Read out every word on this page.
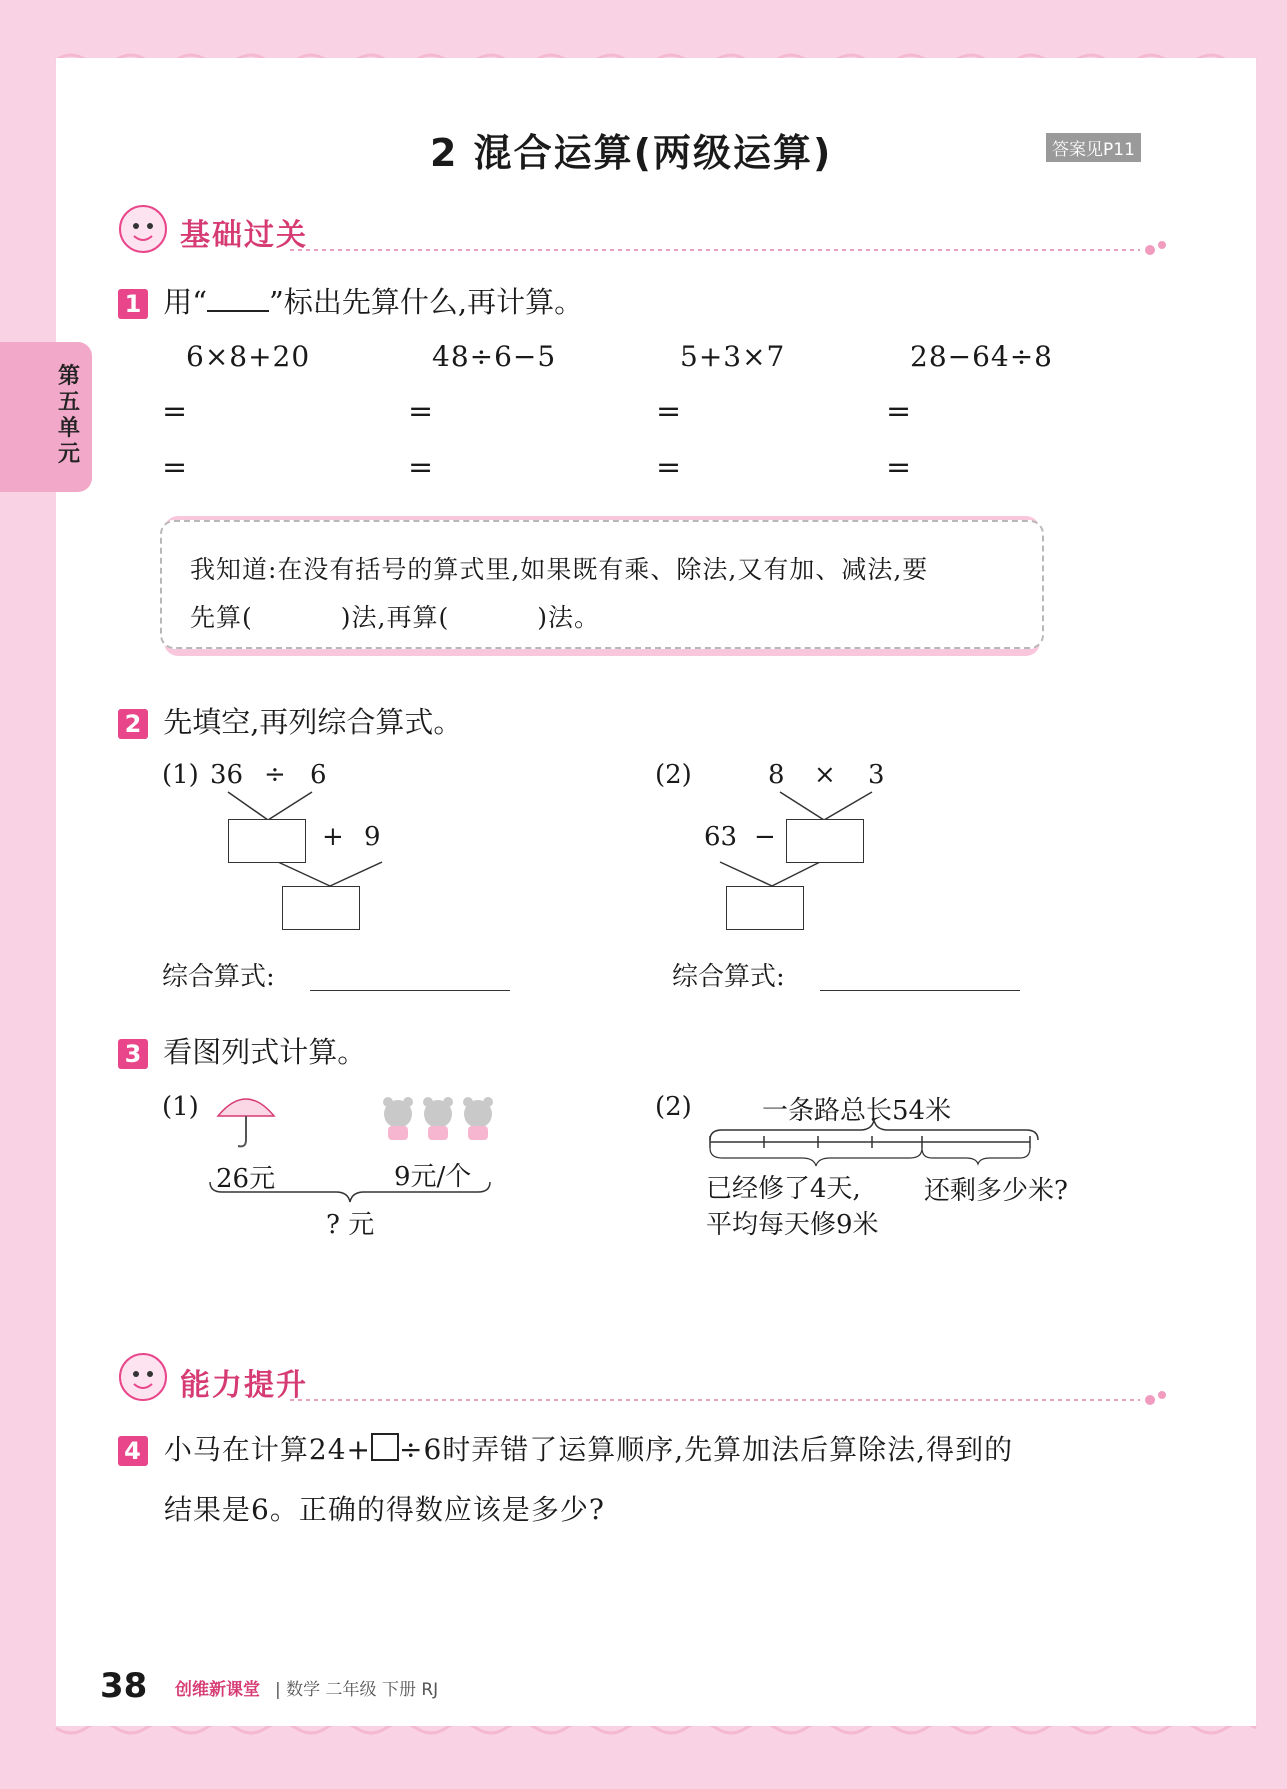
第五单元
2 混合运算(两级运算)	答案见P11
基础过关
1 用“ ”标出先算什么,再计算。
6×8+20	48÷6−5	5+3×7	28−64÷8
=	=	=	=
=	=	=	=
我知道:在没有括号的算式里,如果既有乘、除法,又有加、减法,要
先算(	)法,再算(	)法。
2 先填空,再列综合算式。
(1) 36 ÷ 6
+ 9
综合算式:
(2)	8 × 3
63 −
综合算式:
3 看图列式计算。
(1)
26元	9元/个
? 元
(2)	一条路总长54米
已经修了4天, 还剩多少米?
平均每天修9米
能力提升
4 小马在计算24+ ÷6时弄错了运算顺序,先算加法后算除法,得到的
结果是6。正确的得数应该是多少?
38 创维新课堂 | 数学 二年级 下册 RJ
